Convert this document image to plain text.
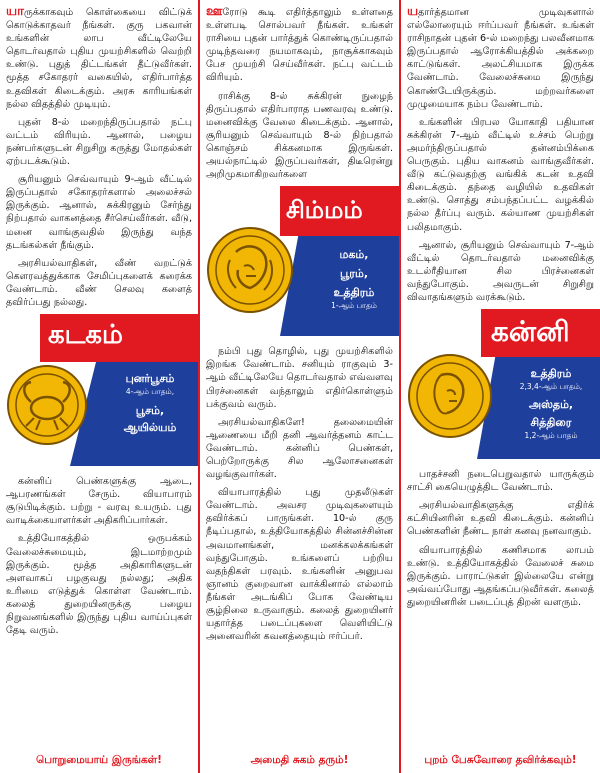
யாருக்காகவும் கொள்கையை விட்டுக் கொடுக்காதவர் நீங்கள். குரு பகவான் உங்களின் லாப வீட்டிலேயே தொடர்வதால் புதிய முயற்சிகளில் வெற்றி உண்டு. புதுத் திட்டங்கள் தீட்டுவீர்கள். மூத்த சகோதரர் வகையில், எதிர்பார்த்த உதவிகள் கிடைக்கும். அரசு காரியங்கள் நல்ல விதத்தில் முடியும்.

புதன் 8-ல் மறைந்திருப்பதால் நட்பு வட்டம் விரியும். ஆனால், பழைய நண்பர்களுடன் சிறுசிறு கருத்து மோதல்கள் ஏற்படக்கூடும்.

சூரியனும் செவ்வாயும் 9-ஆம் வீட்டில் இருப்பதால் சகோதரர்களால் அலைச்சல் இருக்கும். ஆனால், சுக்கிரனும் சேர்ந்து நிற்பதால் வாகனத்தை சீர்செய்வீர்கள். வீடு, மனை வாங்குவதில் இருந்து வந்த தடங்கல்கள் நீங்கும்.

அரசியல்வாதிகள், வீண் வறட்டுக் கௌரவத்துக்காக சேமிப்புகளைக் கரைக்க வேண்டாம். வீண் செலவு களைத் தவிர்ப்பது நல்லது.

கடகம்
புனர்பூசம்
4-ஆம் பாதம்,
பூசம்,
ஆயில்யம்

கன்னிப் பெண்களுக்கு ஆடை, ஆபரணங்கள் சேரும். வியாபாரம் சூடுபிடிக்கும். பற்று - வரவு உயரும். புது வாடிக்கையாளர்கள் அதிகரிப்பார்கள்.

உத்தியோகத்தில் ஒருபக்கம் வேலைச்சுமையும், இடமாற்றமும் இருக்கும். மூத்த அதிகாரிகளுடன் அளவாகப் பழகுவது நல்லது; அதிக உரிமை எடுத்துக் கொள்ள வேண்டாம். கலைத் துறையினருக்கு பழைய நிறுவனங்களில் இருந்து புதிய வாய்ப்புகள் தேடி வரும்.

பொறுமையாய் இருங்கள்!

ஊரோடு கூடி எதிர்த்தாலும் உள்ளதை உள்ளபடி சொல்பவர் நீங்கள். உங்கள் ராசியை புதன் பார்த்துக் கொண்டிருப்பதால் முடிந்தவரை நயமாகவும், நாசூக்காகவும் பேச முயற்சி செய்வீர்கள். நட்பு வட்டம் விரியும்.

ராசிக்கு 8-ல் சுக்கிரன் நுழைந் திருப்பதால் எதிர்பாராத பணவரவு உண்டு. மனைவிக்கு வேலை கிடைக்கும். ஆனால், சூரியனும் செவ்வாயும் 8-ல் நிற்பதால் கொஞ்சம் சிக்கனமாக இருங்கள். அயல்நாட்டில் இருப்பவர்கள், திடீரென்று அறிமுகமாகிறவர்களை

சிம்மம்
மகம்,
பூரம்,
உத்திரம்
1-ஆம் பாதம்

நம்பி புது தொழில், புது முயற்சிகளில் இறங்க வேண்டாம். சனியும் ராகுவும் 3-ஆம் வீட்டிலேயே தொடர்வதால் எவ்வளவு பிரச்னைகள் வந்தாலும் எதிர்கொள்ளும் பக்குவம் வரும்.

அரசியல்வாதிகளே! தலைமையின் ஆணையை மீறி தனி ஆவர்த்தனம் காட்ட வேண்டாம். கன்னிப் பெண்கள், பெற்றோருக்கு சில ஆலோசனைகள் வழங்குவார்கள்.

வியாபாரத்தில் புது முதலீடுகள் வேண்டாம். அவசர முடிவுகளையும் தவிர்க்கப் பாருங்கள். 10-ல் குரு நீடிப்பதால், உத்தியோகத்தில் சின்னச்சின்ன அவமானங்கள், மனக்கலக்கங்கள் வந்துபோகும். உங்களைப் பற்றிய வதந்திகள் பரவும். உங்களின் அனுபவ ஞானம் குறைவான வாக்கினால் எல்லாம் நீங்கள் அடங்கிப் போக வேண்டிய சூழ்நிலை உருவாகும். கலைத் துறையினர் யதார்த்த படைப்புகளை வெளியிட்டு அனைவரின் கவனத்தையும் ஈர்ப்பர்.

அமைதி சுகம் தரும்!

யதார்த்தமான முடிவுகளால் எல்லோரையும் ஈர்ப்பவர் நீங்கள். உங்கள் ராசிநாதன் புதன் 6-ல் மறைந்து பலவீனமாக இருப்பதால் ஆரோக்கியத்தில் அக்கறை காட்டுங்கள். அலட்சியமாக இருக்க வேண்டாம். வேலைச்சுமை இருந்து கொண்டேயிருக்கும். மற்றவர்களை முழுமையாக நம்ப வேண்டாம்.

உங்களின் பிரபல யோகாதி பதியான சுக்கிரன் 7-ஆம் வீட்டில் உச்சம் பெற்று அமர்ந்திருப்பதால் தன்னம்பிக்கை பெருகும். புதிய வாகனம் வாங்குவீர்கள். வீடு கட்டுவதற்கு வங்கிக் கடன் உதவி கிடைக்கும். தந்தை வழியில் உதவிகள் உண்டு. சொத்து சம்பந்தப்பட்ட வழக்கில் நல்ல தீர்ப்பு வரும். கல்யாண முயற்சிகள் பலிதமாகும்.

ஆனால், சூரியனும் செவ்வாயும் 7-ஆம் வீட்டில் தொடர்வதால் மனைவிக்கு உடல்ரீதியான சில பிரச்னைகள் வந்துபோகும். அவருடன் சிறுசிறு விவாதங்களும் வரக்கூடும்.

கன்னி
உத்திரம்
2,3,4-ஆம் பாதம்,
அஸ்தம்,
சித்திரை
1,2-ஆம் பாதம்

பாதச்சனி நடைபெறுவதால் யாருக்கும் சாட்சி கையெழுத்திட வேண்டாம்.

அரசியல்வாதிகளுக்கு எதிர்க் கட்சியினரின் உதவி கிடைக்கும். கன்னிப் பெண்களின் நீண்ட நாள் கனவு நனவாகும்.

வியாபாரத்தில் கணிசமாக லாபம் உண்டு. உத்தியோகத்தில் வேலைச் சுமை இருக்கும். பாராட்டுகள் இல்லையே என்று அவ்வப்போது ஆதங்கப்படுவீர்கள். கலைத் துறையினரின் படைப்புத் திறன் வளரும்.

புறம் பேசுவோரை தவிர்க்கவும்!
